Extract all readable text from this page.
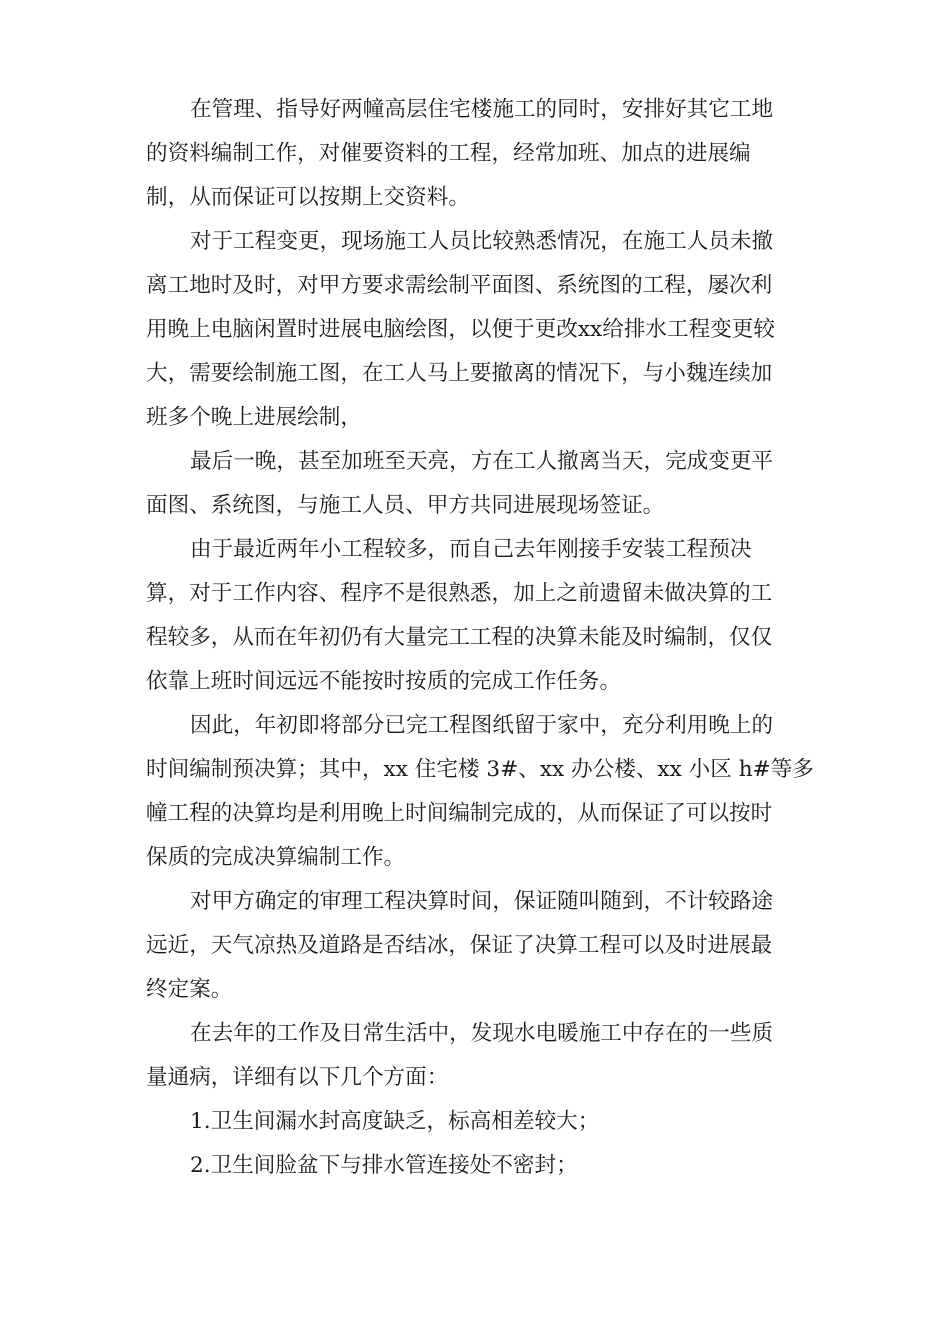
在管理、指导好两幢高层住宅楼施工的同时，安排好其它工地
的资料编制工作，对催要资料的工程，经常加班、加点的进展编
制，从而保证可以按期上交资料。
对于工程变更，现场施工人员比较熟悉情况，在施工人员未撤
离工地时及时，对甲方要求需绘制平面图、系统图的工程，屡次利
用晚上电脑闲置时进展电脑绘图，以便于更改xx给排水工程变更较
大，需要绘制施工图，在工人马上要撤离的情况下，与小魏连续加
班多个晚上进展绘制，
最后一晚，甚至加班至天亮，方在工人撤离当天，完成变更平
面图、系统图，与施工人员、甲方共同进展现场签证。
由于最近两年小工程较多，而自己去年刚接手安装工程预决
算，对于工作内容、程序不是很熟悉，加上之前遗留未做决算的工
程较多，从而在年初仍有大量完工工程的决算未能及时编制，仅仅
依靠上班时间远远不能按时按质的完成工作任务。
因此，年初即将部分已完工程图纸留于家中，充分利用晚上的
时间编制预决算；其中，xx 住宅楼 3#、xx 办公楼、xx 小区 h#等多
幢工程的决算均是利用晚上时间编制完成的，从而保证了可以按时
保质的完成决算编制工作。
对甲方确定的审理工程决算时间，保证随叫随到，不计较路途
远近，天气凉热及道路是否结冰，保证了决算工程可以及时进展最
终定案。
在去年的工作及日常生活中，发现水电暖施工中存在的一些质
量通病，详细有以下几个方面：
1.卫生间漏水封高度缺乏，标高相差较大；
2.卫生间脸盆下与排水管连接处不密封；
